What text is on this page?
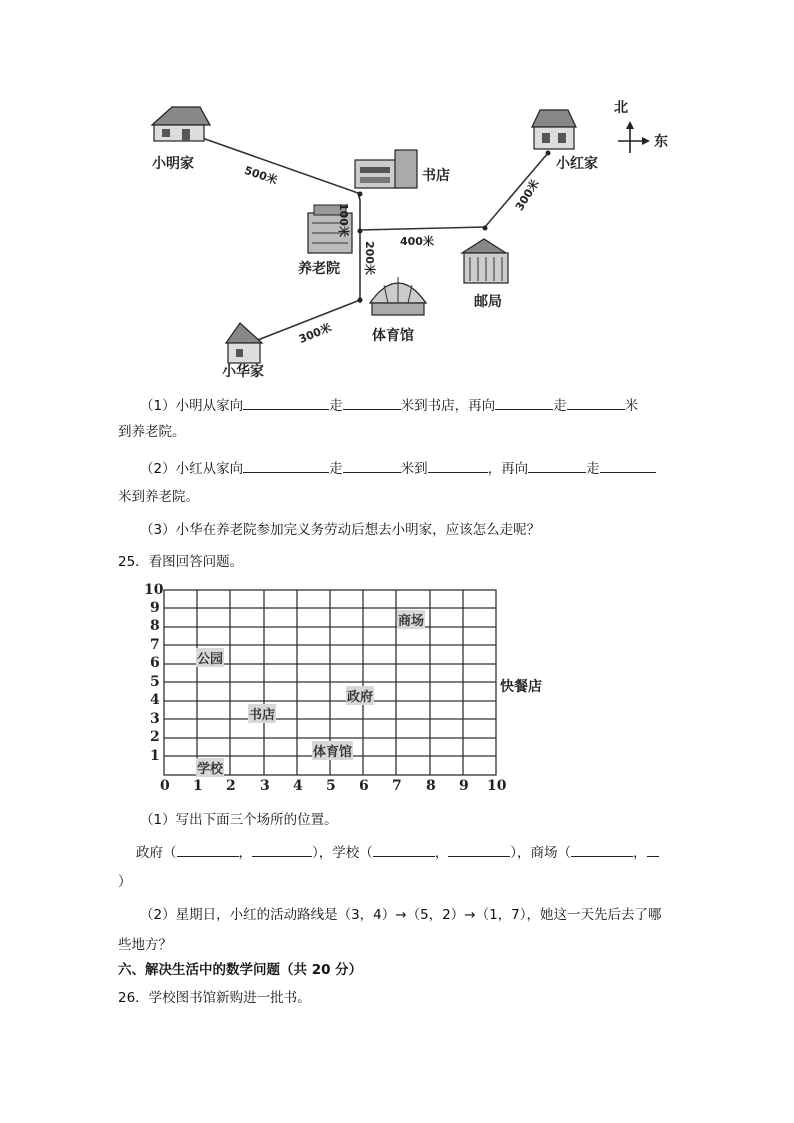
北
东
小明家
书店
小红家
养老院
邮局
体育馆
小华家
500米
100米
200米
300米
400米
300米
（1）小明从家向	走	米到书店，再向	走	米
到养老院。
（2）小红从家向	走	米到	，再向	走
米到养老院。
（3）小华在养老院参加完义务劳动后想去小明家，应该怎么走呢？
25．看图回答问题。
0 1 2 3 4 5 6 7 8 9 10
1
2
3
4
5
6
7
8
9
10
商场
公园
快餐店
政府
书店
体育馆
学校
（1）写出下面三个场所的位置。
政府（	，	），学校（	，	），商场（	，
）
（2）星期日，小红的活动路线是（3，4）→（5，2）→（1，7），她这一天先后去了哪
些地方？
六、解决生活中的数学问题（共 20 分）
26．学校图书馆新购进一批书。
